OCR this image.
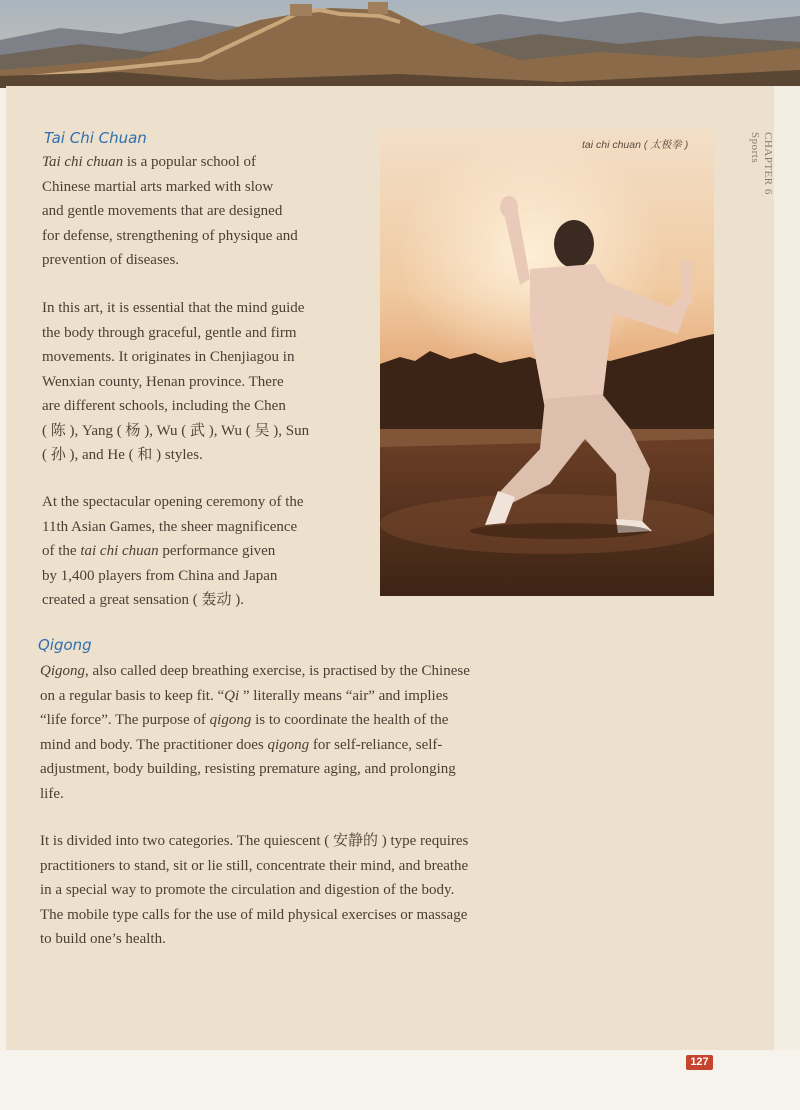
CHAPTER 6
Sports
Tai Chi Chuan
Tai chi chuan is a popular school of
Chinese martial arts marked with slow
and gentle movements that are designed
for defense, strengthening of physique and
prevention of diseases.
In this art, it is essential that the mind guide
the body through graceful, gentle and firm
movements. It originates in Chenjiagou in
Wenxian county, Henan province. There
are different schools, including the Chen
( 陈 ), Yang ( 杨 ), Wu ( 武 ), Wu ( 吴 ), Sun
( 孙 ), and He ( 和 ) styles.
At the spectacular opening ceremony of the
11th Asian Games, the sheer magnificence
of the tai chi chuan performance given
by 1,400 players from China and Japan
created a great sensation ( 轰动 ).
tai chi chuan ( 太极拳 )
Qigong
Qigong, also called deep breathing exercise, is practised by the Chinese
on a regular basis to keep fit. “Qi ” literally means “air” and implies
“life force”. The purpose of qigong is to coordinate the health of the
mind and body. The practitioner does qigong for self-reliance, self-
adjustment, body building, resisting premature aging, and prolonging
life.
It is divided into two categories. The quiescent ( 安静的 ) type requires
practitioners to stand, sit or lie still, concentrate their mind, and breathe
in a special way to promote the circulation and digestion of the body.
The mobile type calls for the use of mild physical exercises or massage
to build one’s health.
127
